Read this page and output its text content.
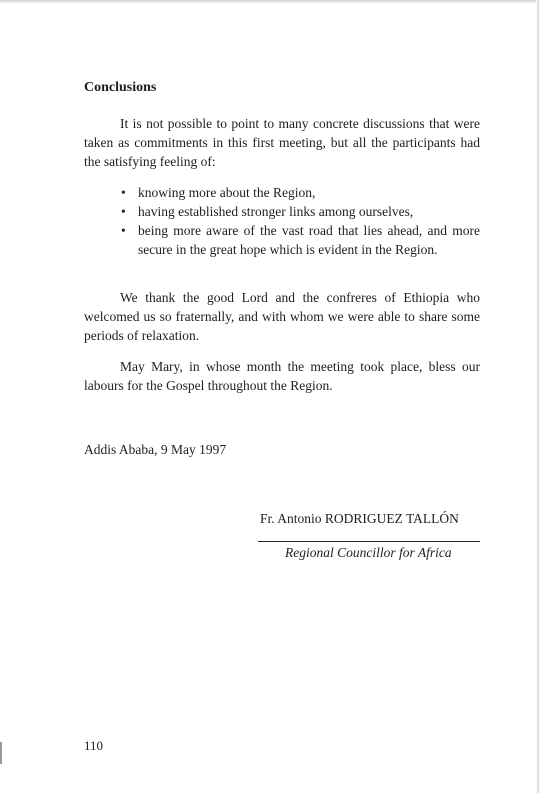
Conclusions

It is not possible to point to many concrete discussions that were taken as commitments in this first meeting, but all the participants had the satisfying feeling of:

• knowing more about the Region,
• having established stronger links among ourselves,
• being more aware of the vast road that lies ahead, and more secure in the great hope which is evident in the Region.

We thank the good Lord and the confreres of Ethiopia who welcomed us so fraternally, and with whom we were able to share some periods of relaxation.

May Mary, in whose month the meeting took place, bless our labours for the Gospel throughout the Region.

Addis Ababa, 9 May 1997
Fr. Antonio RODRIGUEZ TALLÓN
Regional Councillor for Africa
110
